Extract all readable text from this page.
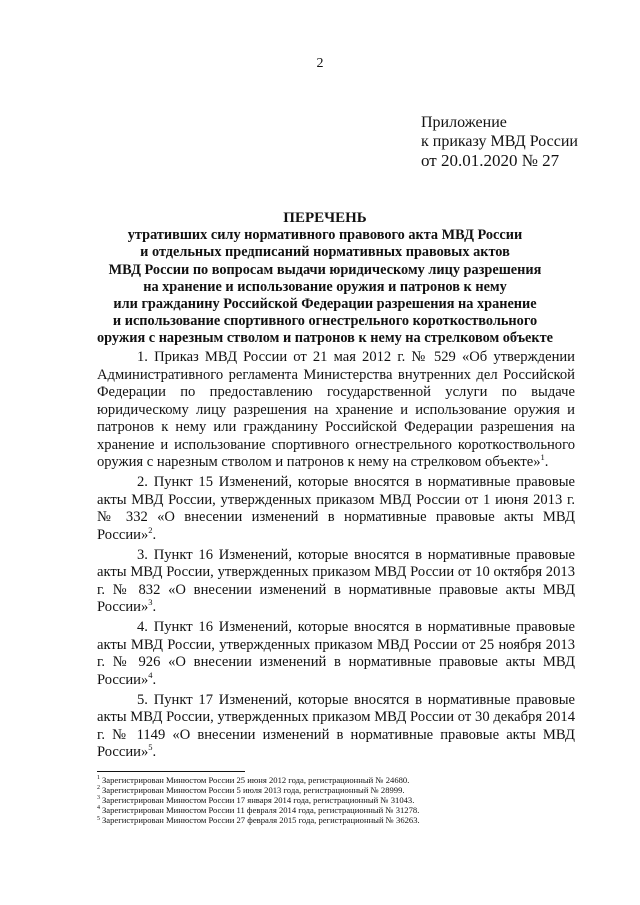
2
Приложение
к приказу МВД России
от 20.01.2020 № 27
ПЕРЕЧЕНЬ
утративших силу нормативного правового акта МВД России
и отдельных предписаний нормативных правовых актов
МВД России по вопросам выдачи юридическому лицу разрешения
на хранение и использование оружия и патронов к нему
или гражданину Российской Федерации разрешения на хранение
и использование спортивного огнестрельного короткоствольного
оружия с нарезным стволом и патронов к нему на стрелковом объекте

1. Приказ МВД России от 21 мая 2012 г. № 529 «Об утверждении Административного регламента Министерства внутренних дел Российской Федерации по предоставлению государственной услуги по выдаче юридическому лицу разрешения на хранение и использование оружия и патронов к нему или гражданину Российской Федерации разрешения на хранение и использование спортивного огнестрельного короткоствольного оружия с нарезным стволом и патронов к нему на стрелковом объекте»$^1$.

2. Пункт 15 Изменений, которые вносятся в нормативные правовые акты МВД России, утвержденных приказом МВД России от 1 июня 2013 г. № 332 «О внесении изменений в нормативные правовые акты МВД России»$^2$.

3. Пункт 16 Изменений, которые вносятся в нормативные правовые акты МВД России, утвержденных приказом МВД России от 10 октября 2013 г. № 832 «О внесении изменений в нормативные правовые акты МВД России»$^3$.

4. Пункт 16 Изменений, которые вносятся в нормативные правовые акты МВД России, утвержденных приказом МВД России от 25 ноября 2013 г. № 926 «О внесении изменений в нормативные правовые акты МВД России»$^4$.

5. Пункт 17 Изменений, которые вносятся в нормативные правовые акты МВД России, утвержденных приказом МВД России от 30 декабря 2014 г. № 1149 «О внесении изменений в нормативные правовые акты МВД России»$^5$.

$^1$ Зарегистрирован Минюстом России 25 июня 2012 года, регистрационный № 24680.
$^2$ Зарегистрирован Минюстом России 5 июля 2013 года, регистрационный № 28999.
$^3$ Зарегистрирован Минюстом России 17 января 2014 года, регистрационный № 31043.
$^4$ Зарегистрирован Минюстом России 11 февраля 2014 года, регистрационный № 31278.
$^5$ Зарегистрирован Минюстом России 27 февраля 2015 года, регистрационный № 36263.
